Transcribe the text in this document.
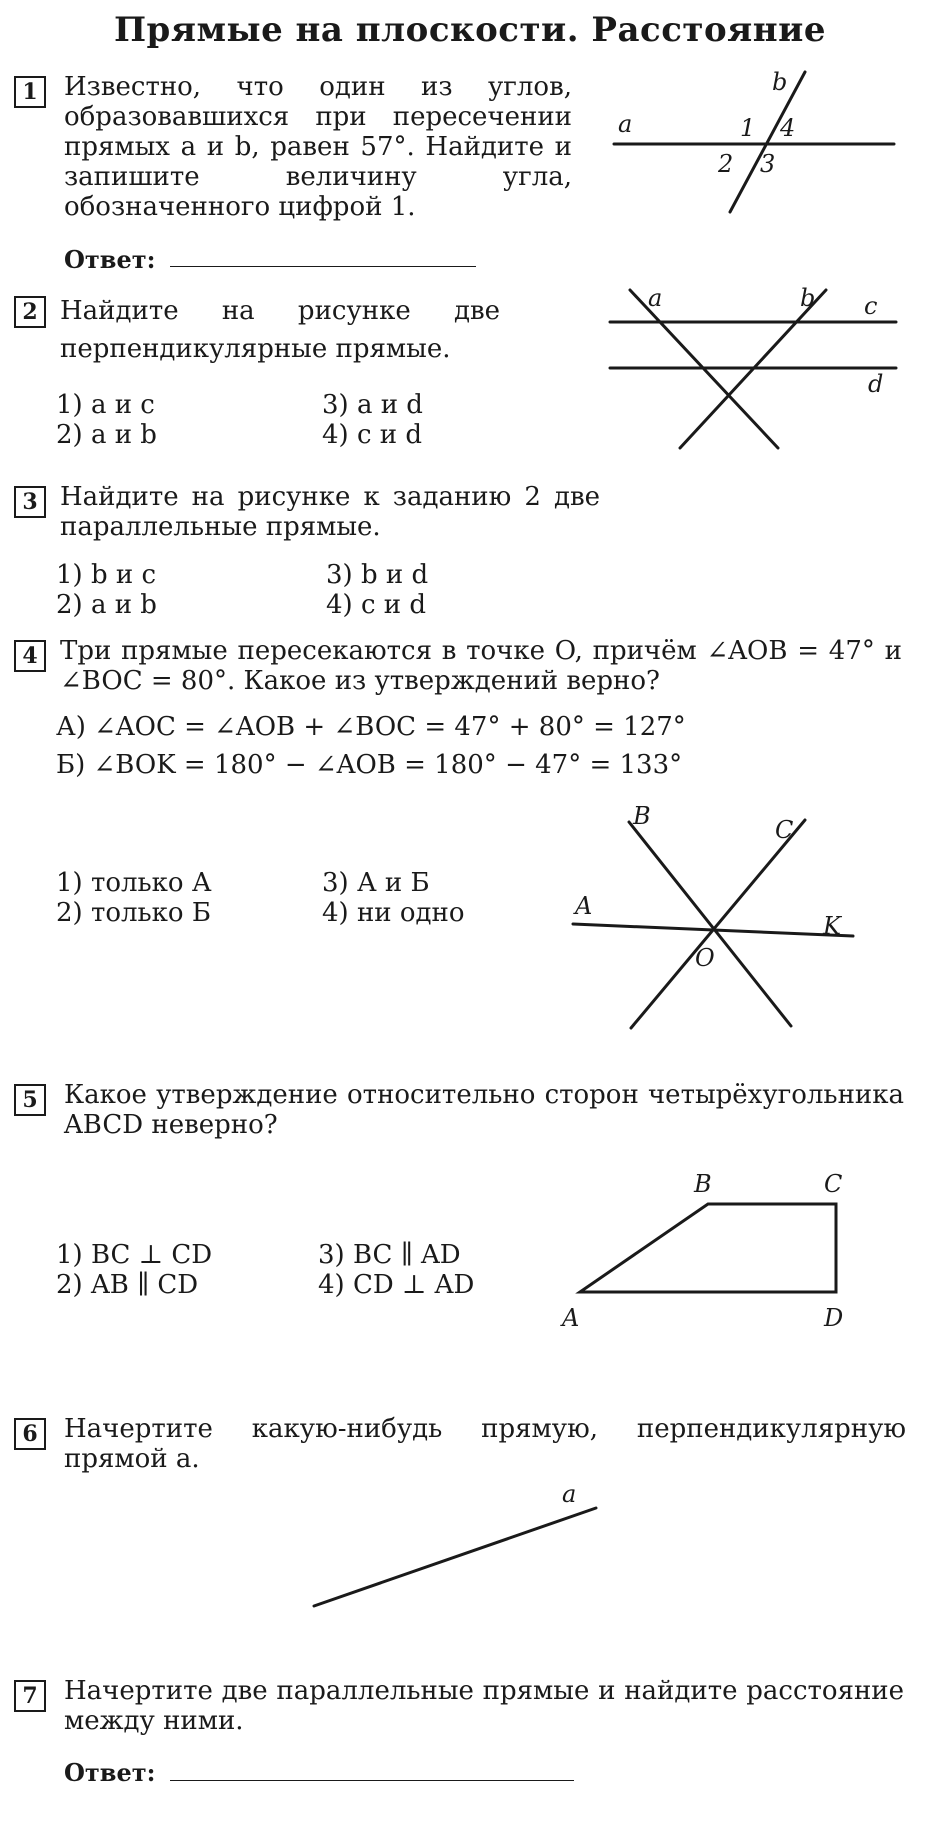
Прямые на плоскости. Расстояние
1	Известно, что один из углов, образовавшихся при пересечении прямых a и b, равен 57°. Найдите и запишите величину угла, обозначенного цифрой 1.
Ответ:
a
b
1 4
2 3
2 Найдите на рисунке две перпендикулярные прямые.
1) a и c	3) a и d
2) a и b	4) c и d
a	b c
d
3 Найдите на рисунке к заданию 2 две параллельные прямые.
1) b и c	3) b и d
2) a и b	4) c и d
4 Три прямые пересекаются в точке O, причём ∠AOB = 47° и ∠BOC = 80°. Какое из утверждений верно?
А) ∠AOC = ∠AOB + ∠BOC = 47° + 80° = 127°
Б) ∠BOK = 180° − ∠AOB = 180° − 47° = 133°
1) только А	3) А и Б
2) только Б	4) ни одно
B	C
A
K
O
5	Какое утверждение относительно сторон четырёхугольника ABCD неверно?
1) BC ⊥ CD	3) BC ∥ AD
2) AB ∥ CD	4) CD ⊥ AD
B	C
A	D
6	Начертите какую-нибудь прямую, перпендикулярную прямой a.
a
7	Начертите две параллельные прямые и найдите расстояние между ними.
Ответ:
